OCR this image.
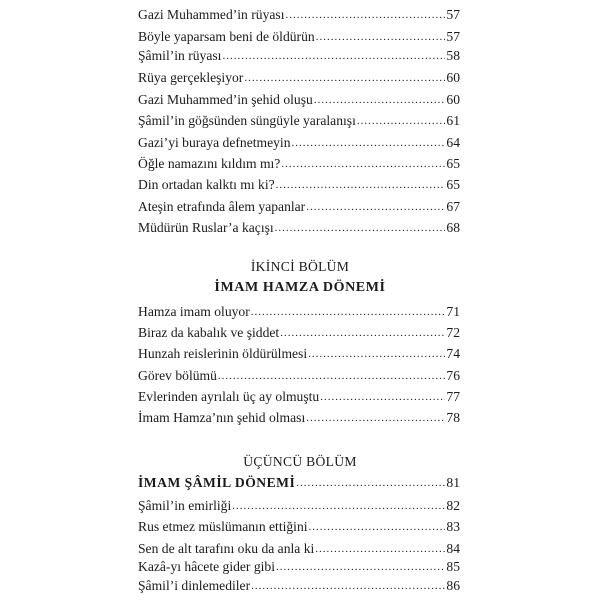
Gazi Muhammed’in rüyası .....	57
Böyle yaparsam beni de öldürün .....	57
Şâmil’in rüyası .....	58
Rüya gerçekleşiyor .....	60
Gazi Muhammed’in şehid oluşu .....	60
Şâmil’in göğsünden süngüyle yaralanışı .....	61
Gazi’yi buraya defnetmeyin .....	64
Öğle namazını kıldım mı? .....	65
Din ortadan kalktı mı ki? .....	65
Ateşin etrafında âlem yapanlar .....	67
Müdürün Ruslar’a kaçışı .....	68
İKİNCİ BÖLÜM
İMAM HAMZA DÖNEMİ
Hamza imam oluyor .....	71
Biraz da kabalık ve şiddet .....	72
Hunzah reislerinin öldürülmesi .....	74
Görev bölümü .....	76
Evlerinden ayrılalı üç ay olmuştu .....	77
İmam Hamza’nın şehid olması .....	78
ÜÇÜNCÜ BÖLÜM
İMAM ŞÂMİL DÖNEMİ .....	81
Şâmil’in emirliği .....	82
Rus etmez müslümanın ettiğini .....	83
Sen de alt tarafını oku da anla ki .....	84
Kazâ-yı hâcete gider gibi .....	85
Şâmil’i dinlemediler .....	86
